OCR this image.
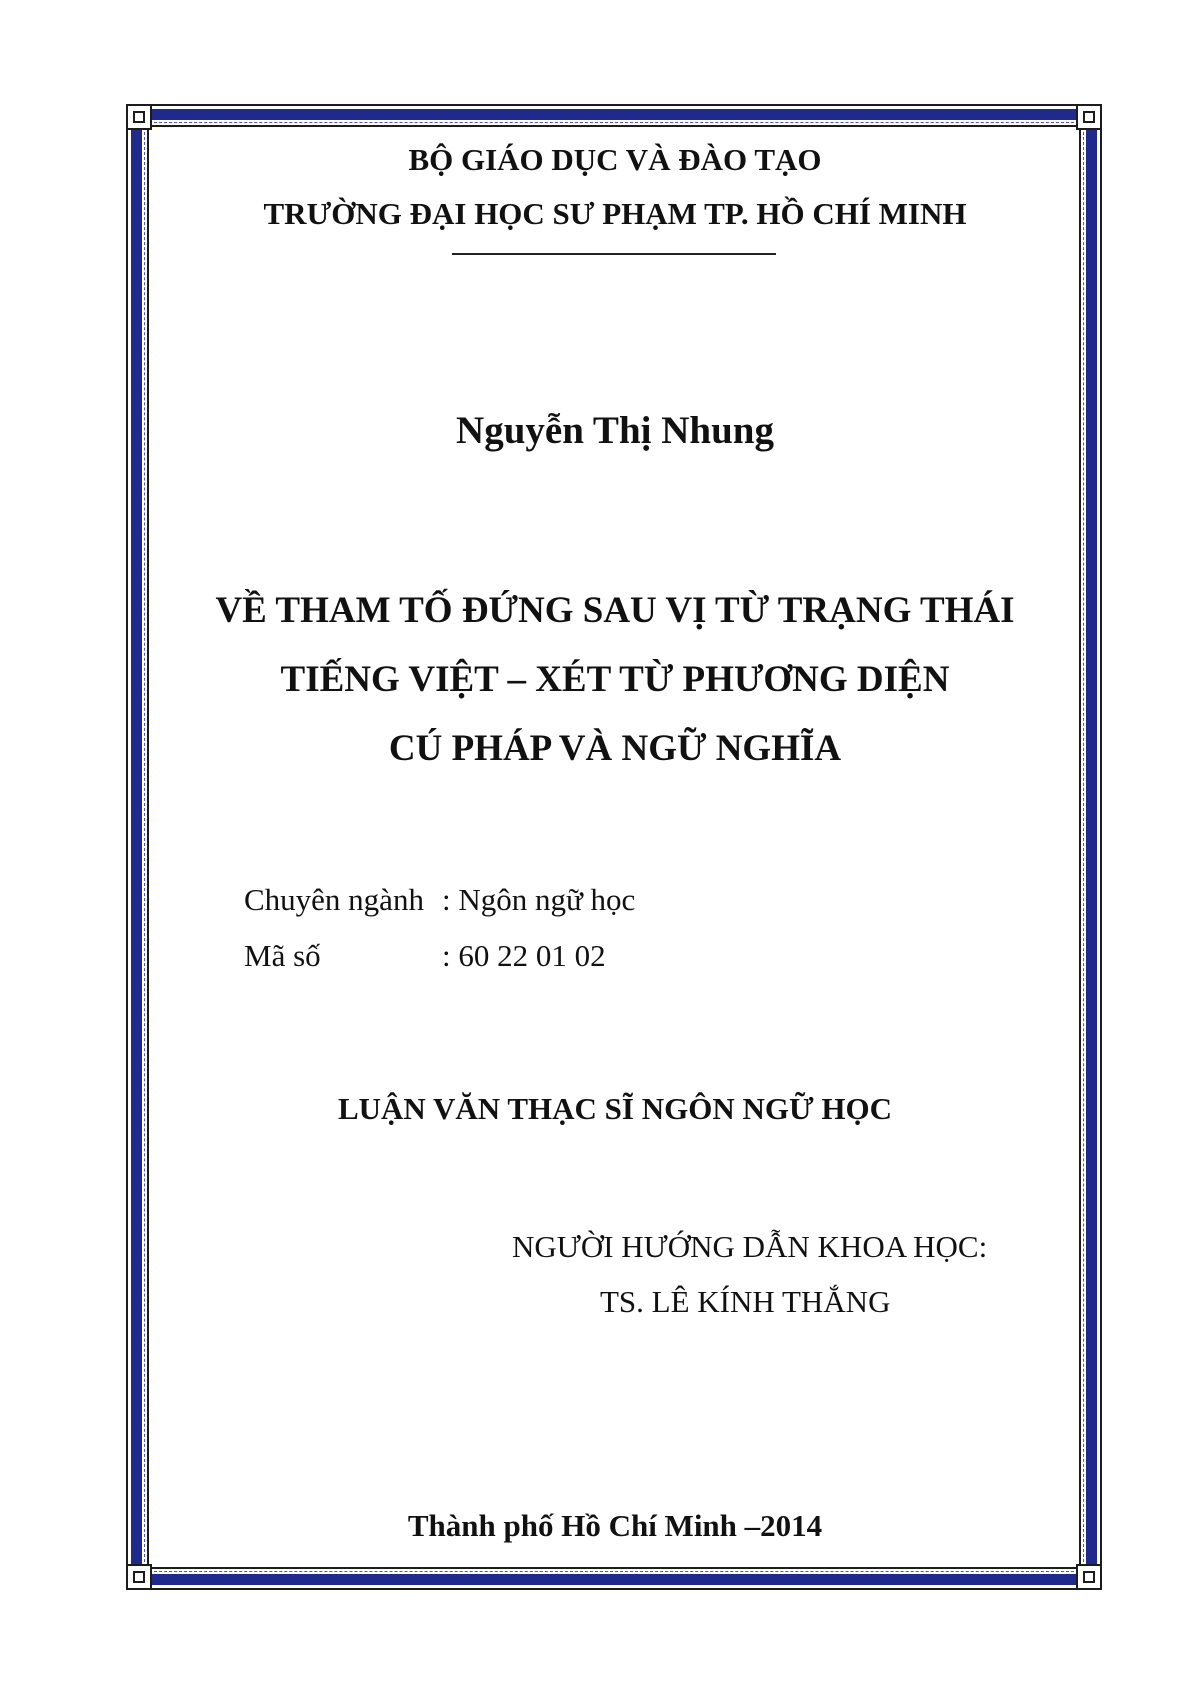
BỘ GIÁO DỤC VÀ ĐÀO TẠO
TRƯỜNG ĐẠI HỌC SƯ PHẠM TP. HỒ CHÍ MINH
Nguyễn Thị Nhung
VỀ THAM TỐ ĐỨNG SAU VỊ TỪ TRẠNG THÁI
TIẾNG VIỆT – XÉT TỪ PHƯƠNG DIỆN
CÚ PHÁP VÀ NGỮ NGHĨA
Chuyên ngành : Ngôn ngữ học
Mã số	: 60 22 01 02
LUẬN VĂN THẠC SĨ NGÔN NGỮ HỌC
NGƯỜI HƯỚNG DẪN KHOA HỌC:
TS. LÊ KÍNH THẮNG
Thành phố Hồ Chí Minh –2014
